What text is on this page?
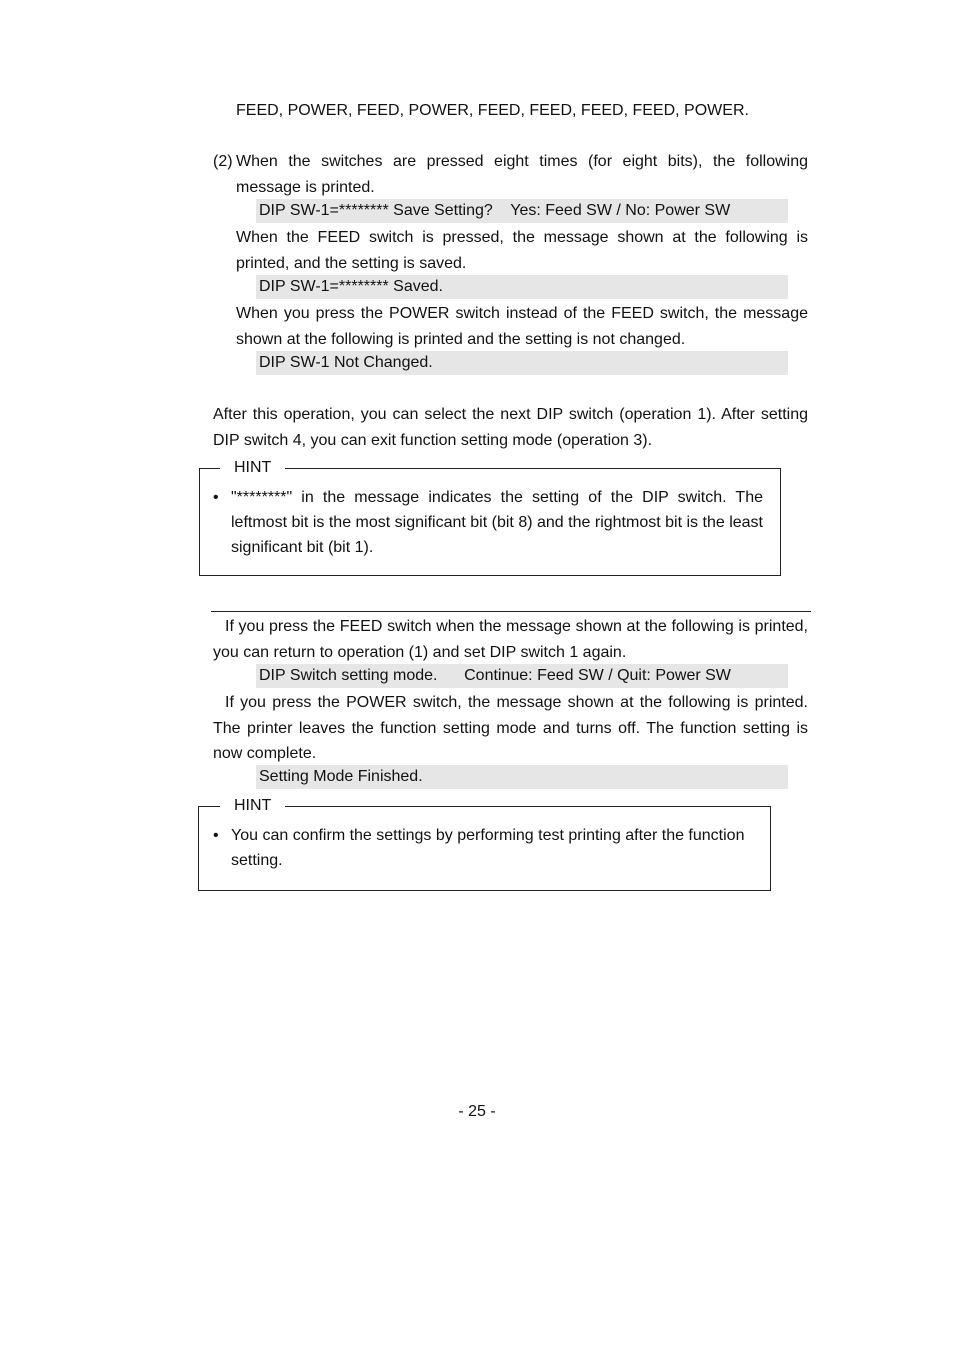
FEED, POWER, FEED, POWER, FEED, FEED, FEED, FEED, POWER.
(2) When the switches are pressed eight times (for eight bits), the following message is printed.
DIP SW-1=******** Save Setting?    Yes: Feed SW / No: Power SW
When the FEED switch is pressed, the message shown at the following is printed, and the setting is saved.
DIP SW-1=******** Saved.
When you press the POWER switch instead of the FEED switch, the message shown at the following is printed and the setting is not changed.
DIP SW-1 Not Changed.
After this operation, you can select the next DIP switch (operation 1). After setting DIP switch 4, you can exit function setting mode (operation 3).
HINT
• "********" in the message indicates the setting of the DIP switch. The leftmost bit is the most significant bit (bit 8) and the rightmost bit is the least significant bit (bit 1).
If you press the FEED switch when the message shown at the following is printed, you can return to operation (1) and set DIP switch 1 again.
DIP Switch setting mode.      Continue: Feed SW / Quit: Power SW
If you press the POWER switch, the message shown at the following is printed. The printer leaves the function setting mode and turns off. The function setting is now complete.
Setting Mode Finished.
HINT
• You can confirm the settings by performing test printing after the function setting.
- 25 -
